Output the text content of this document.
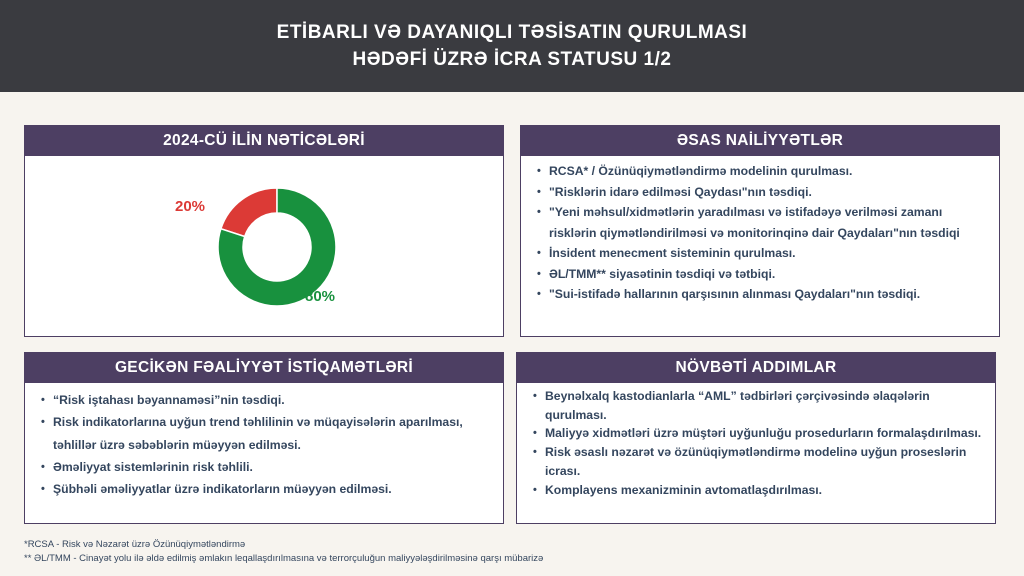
ETİBARLI VƏ DAYANIQLI TƏSİSATIN QURULMASI
HƏDƏFİ ÜZRƏ İCRA STATUSU 1/2
2024-CÜ İLİN NƏTİCƏLƏRİ
20%
80%
ƏSAS NAİLİYYƏTLƏR
• RCSA* / Özünüqiymətləndirmə modelinin qurulması.
• "Risklərin idarə edilməsi Qaydası"nın təsdiqi.
• "Yeni məhsul/xidmətlərin yaradılması və istifadəyə verilməsi zamanı risklərin qiymətləndirilməsi və monitorinqinə dair Qaydaları"nın təsdiqi
• İnsident menecment sisteminin qurulması.
• ƏL/TMM** siyasətinin təsdiqi və tətbiqi.
• "Sui-istifadə hallarının qarşısının alınması Qaydaları"nın təsdiqi.
GECİKƏN FƏALİYYƏT İSTİQAMƏTLƏRİ
• “Risk iştahası bəyannaməsi”nin təsdiqi.
• Risk indikatorlarına uyğun trend təhlilinin və müqayisələrin aparılması, təhlillər üzrə səbəblərin müəyyən edilməsi.
• Əməliyyat sistemlərinin risk təhlili.
• Şübhəli əməliyyatlar üzrə indikatorların müəyyən edilməsi.
NÖVBƏTİ ADDIMLAR
• Beynəlxalq kastodianlarla “AML” tədbirləri çərçivəsində əlaqələrin qurulması.
• Maliyyə xidmətləri üzrə müştəri uyğunluğu prosedurların formalaşdırılması.
• Risk əsaslı nəzarət və özünüqiymətləndirmə modelinə uyğun proseslərin icrası.
• Komplayens mexanizminin avtomatlaşdırılması.
*RCSA - Risk və Nəzarət üzrə Özünüqiymətləndirmə
** ƏL/TMM - Cinayət yolu ilə əldə edilmiş əmlakın leqallaşdırılmasına və terrorçuluğun maliyyələşdirilməsinə qarşı mübarizə
